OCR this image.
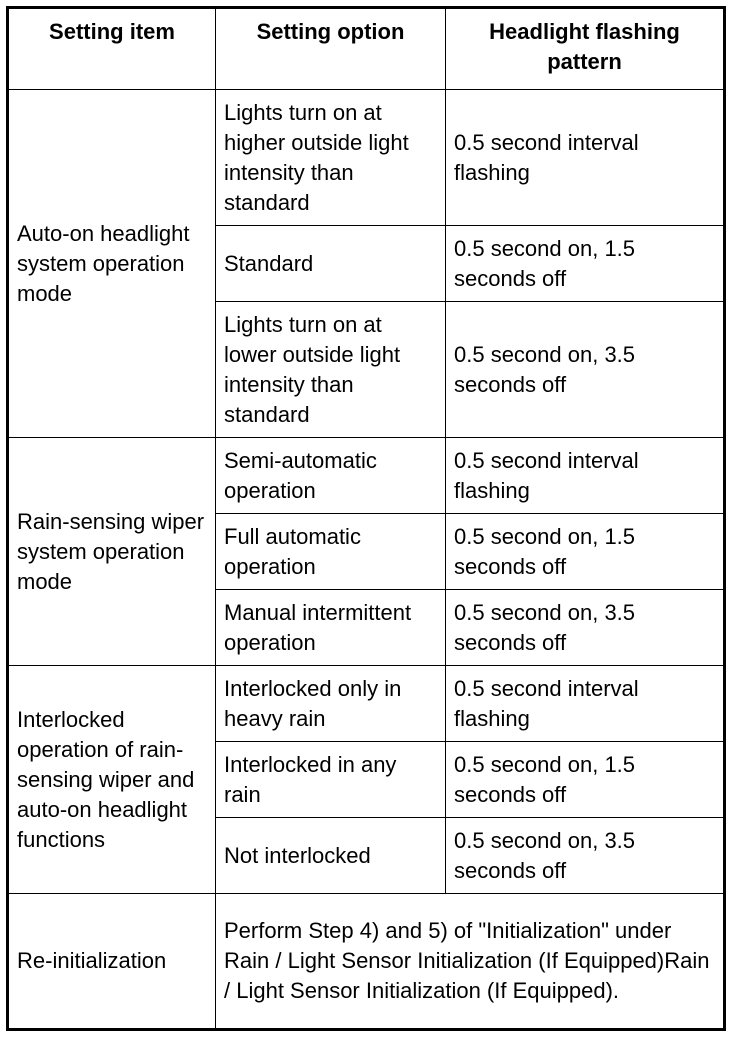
Setting item	Setting option	Headlight flashing pattern

Auto-on headlight system operation mode	Lights turn on at higher outside light intensity than standard	0.5 second interval flashing
	Standard	0.5 second on, 1.5 seconds off
	Lights turn on at lower outside light intensity than standard	0.5 second on, 3.5 seconds off
Rain-sensing wiper system operation mode	Semi-automatic operation	0.5 second interval flashing
	Full automatic operation	0.5 second on, 1.5 seconds off
	Manual intermittent operation	0.5 second on, 3.5 seconds off
Interlocked operation of rain-sensing wiper and auto-on headlight functions	Interlocked only in heavy rain	0.5 second interval flashing
	Interlocked in any rain	0.5 second on, 1.5 seconds off
	Not interlocked	0.5 second on, 3.5 seconds off
Re-initialization	Perform Step 4) and 5) of "Initialization" under Rain / Light Sensor Initialization (If Equipped)Rain / Light Sensor Initialization (If Equipped).	
